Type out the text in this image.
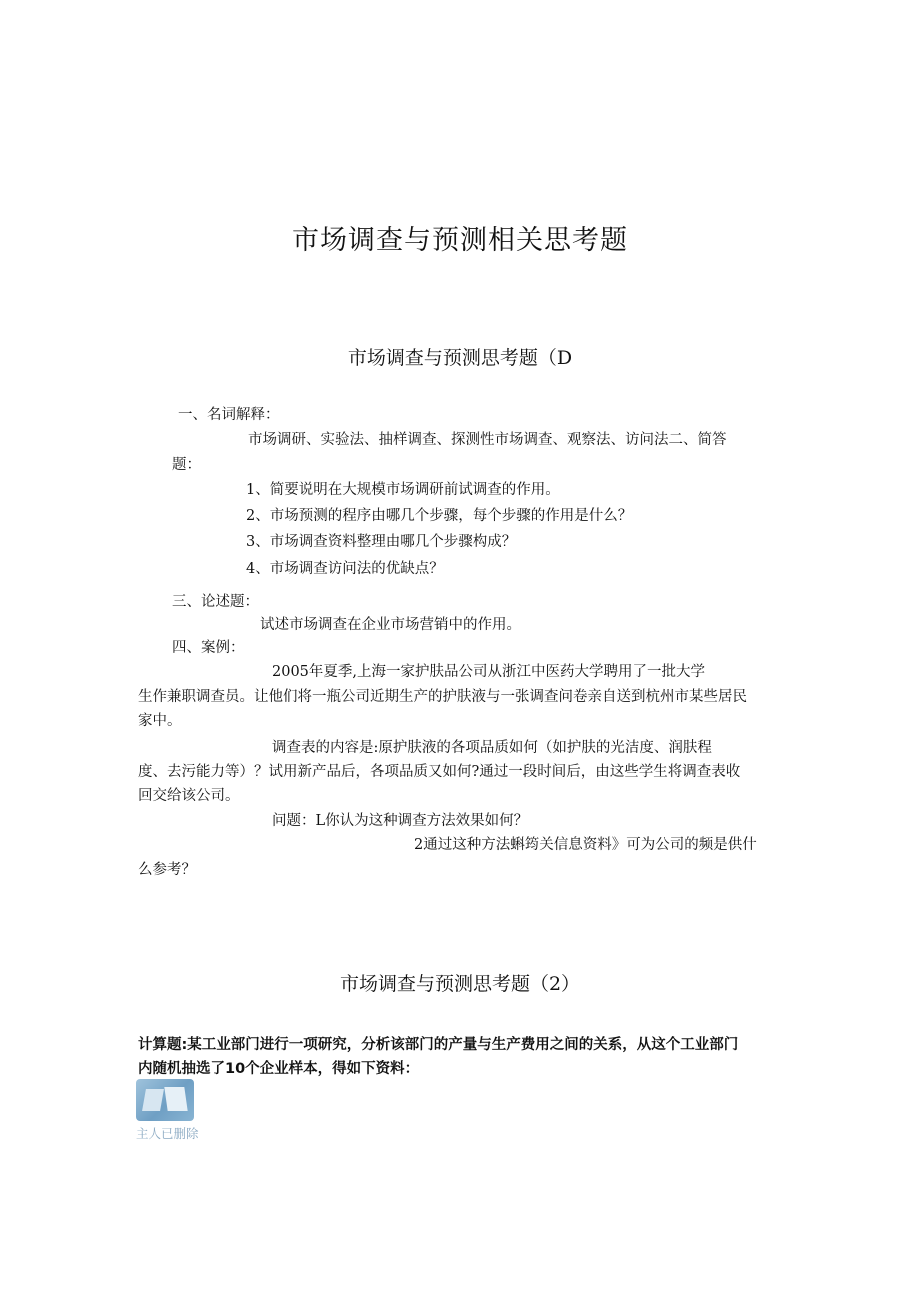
市场调查与预测相关思考题
市场调查与预测思考题（D
一、名词解释：
市场调研、实验法、抽样调查、探测性市场调查、观察法、访问法二、简答
题：
1、简要说明在大规模市场调研前试调查的作用。
2、市场预测的程序由哪几个步骤，每个步骤的作用是什么？
3、市场调查资料整理由哪几个步骤构成？
4、市场调查访问法的优缺点？
三、论述题：
试述市场调查在企业市场营销中的作用。
四、案例：
2005年夏季,上海一家护肤品公司从浙江中医药大学聘用了一批大学
生作兼职调查员。让他们将一瓶公司近期生产的护肤液与一张调查问卷亲自送到杭州市某些居民
家中。
调查表的内容是:原护肤液的各项品质如何（如护肤的光洁度、润肤程
度、去污能力等）？试用新产品后，各项品质又如何?通过一段时间后，由这些学生将调查表收
回交给该公司。
问题：L你认为这种调查方法效果如何？
2通过这种方法蝌筠关信息资料》可为公司的频是供什
么参考？
市场调查与预测思考题（2）
计算题:某工业部门进行一项研究，分析该部门的产量与生产费用之间的关系，从这个工业部门
内随机抽选了10个企业样本，得如下资料：
主人已删除
